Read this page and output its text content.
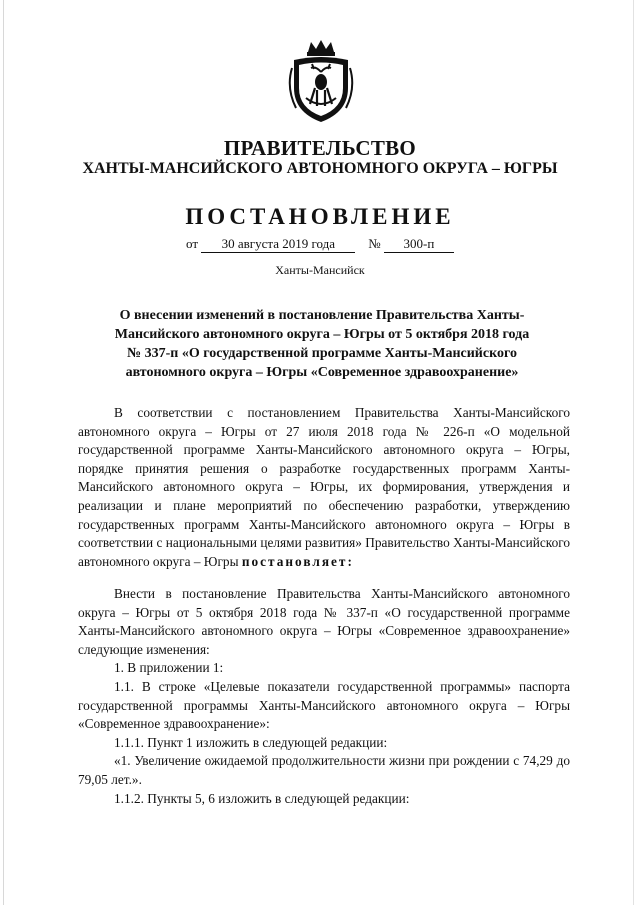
ПРАВИТЕЛЬСТВО
ХАНТЫ-МАНСИЙСКОГО АВТОНОМНОГО ОКРУГА – ЮГРЫ
ПОСТАНОВЛЕНИЕ
от 30 августа 2019 года	№ 300-п
Ханты-Мансийск
О внесении изменений в постановление Правительства Ханты-Мансийского автономного округа – Югры от 5 октября 2018 года № 337-п «О государственной программе Ханты-Мансийского автономного округа – Югры «Современное здравоохранение»

В соответствии с постановлением Правительства Ханты-Мансийского автономного округа – Югры от 27 июля 2018 года № 226-п «О модельной государственной программе Ханты-Мансийского автономного округа – Югры, порядке принятия решения о разработке государственных программ Ханты-Мансийского автономного округа – Югры, их формирования, утверждения и реализации и плане мероприятий по обеспечению разработки, утверждению государственных программ Ханты-Мансийского автономного округа – Югры в соответствии с национальными целями развития» Правительство Ханты-Мансийского автономного округа – Югры постановляет:

Внести в постановление Правительства Ханты-Мансийского автономного округа – Югры от 5 октября 2018 года № 337-п «О государственной программе Ханты-Мансийского автономного округа – Югры «Современное здравоохранение» следующие изменения:

1. В приложении 1:

1.1. В строке «Целевые показатели государственной программы» паспорта государственной программы Ханты-Мансийского автономного округа – Югры «Современное здравоохранение»:

1.1.1. Пункт 1 изложить в следующей редакции:

«1. Увеличение ожидаемой продолжительности жизни при рождении с 74,29 до 79,05 лет.».

1.1.2. Пункты 5, 6 изложить в следующей редакции:
